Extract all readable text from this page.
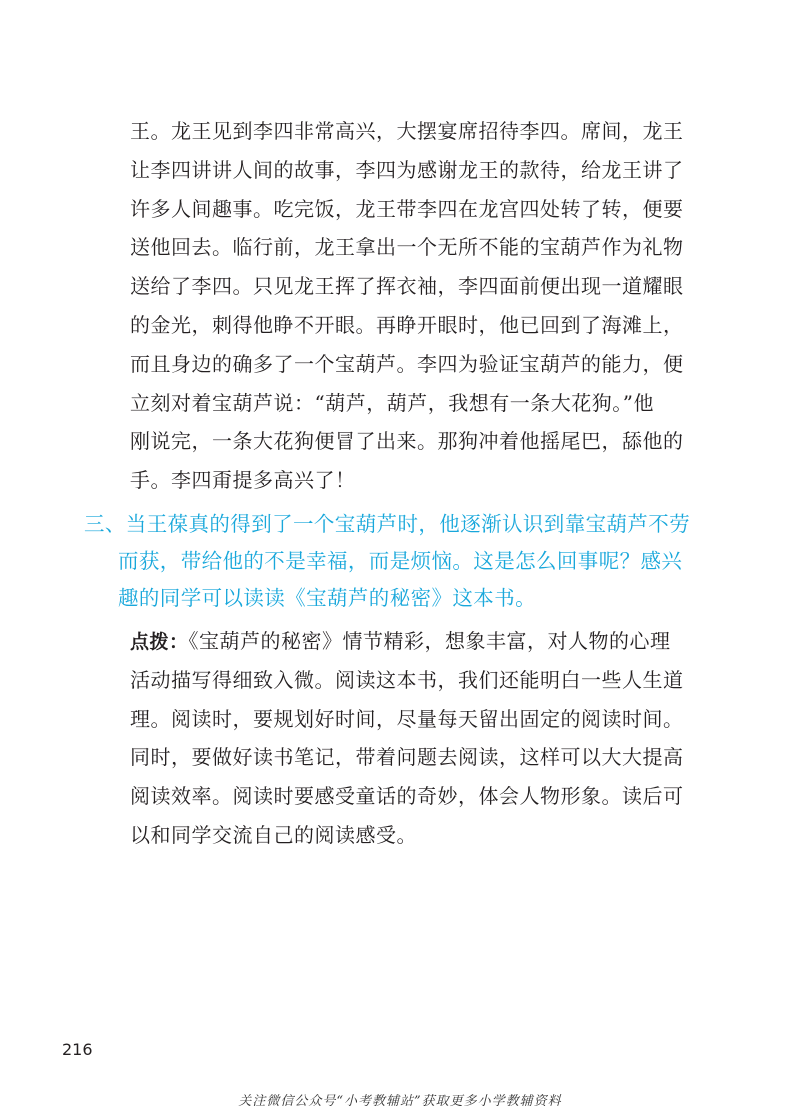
王。龙王见到李四非常高兴，大摆宴席招待李四。席间，龙王
让李四讲讲人间的故事，李四为感谢龙王的款待，给龙王讲了
许多人间趣事。吃完饭，龙王带李四在龙宫四处转了转，便要
送他回去。临行前，龙王拿出一个无所不能的宝葫芦作为礼物
送给了李四。只见龙王挥了挥衣袖，李四面前便出现一道耀眼
的金光，刺得他睁不开眼。再睁开眼时，他已回到了海滩上，
而且身边的确多了一个宝葫芦。李四为验证宝葫芦的能力，便
立刻对着宝葫芦说：“葫芦，葫芦，我想有一条大花狗。”他
刚说完，一条大花狗便冒了出来。那狗冲着他摇尾巴，舔他的
手。李四甭提多高兴了！
三、当王葆真的得到了一个宝葫芦时，他逐渐认识到靠宝葫芦不劳
而获，带给他的不是幸福，而是烦恼。这是怎么回事呢？感兴
趣的同学可以读读《宝葫芦的秘密》这本书。
点拨：《宝葫芦的秘密》情节精彩，想象丰富，对人物的心理
活动描写得细致入微。阅读这本书，我们还能明白一些人生道
理。阅读时，要规划好时间，尽量每天留出固定的阅读时间。
同时，要做好读书笔记，带着问题去阅读，这样可以大大提高
阅读效率。阅读时要感受童话的奇妙，体会人物形象。读后可
以和同学交流自己的阅读感受。
216
关注微信公众号“小考教辅站”获取更多小学教辅资料
